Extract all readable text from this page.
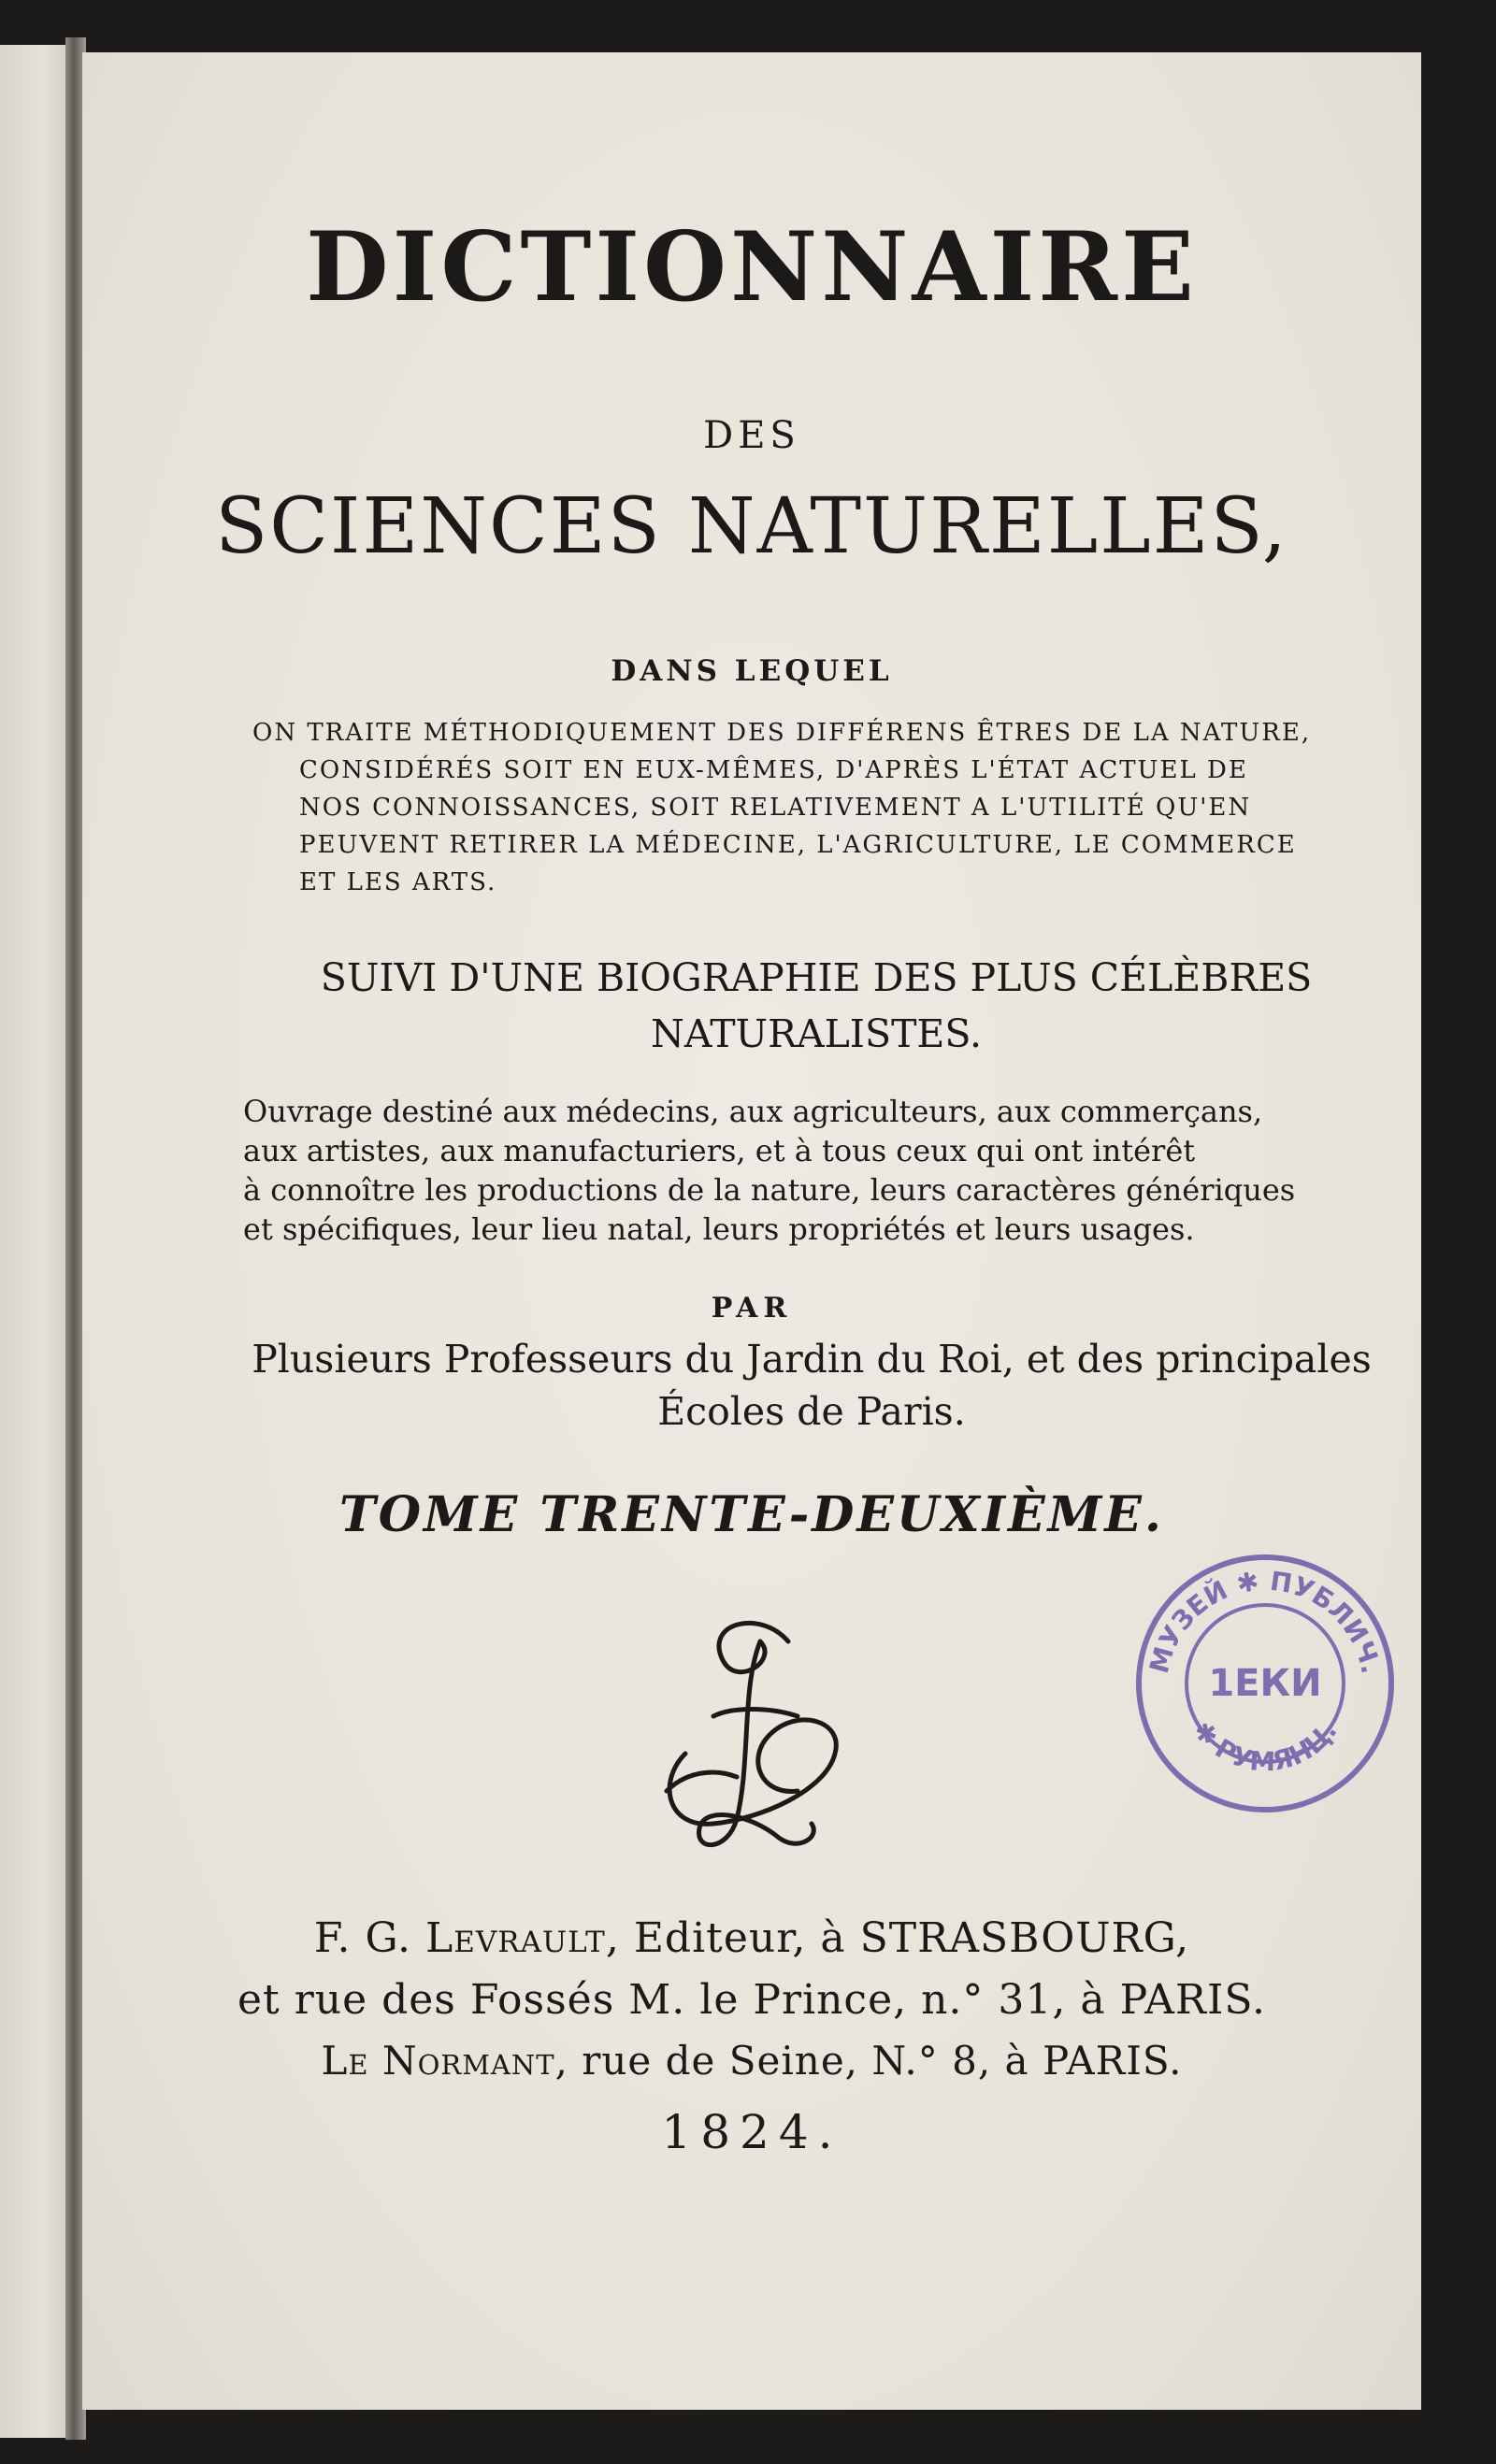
DICTIONNAIRE
DES
SCIENCES NATURELLES,
DANS LEQUEL
ON TRAITE MÉTHODIQUEMENT DES DIFFÉRENS ÊTRES DE LA NATURE,
CONSIDÉRÉS SOIT EN EUX-MÊMES, D'APRÈS L'ÉTAT ACTUEL DE
NOS CONNOISSANCES, SOIT RELATIVEMENT A L'UTILITÉ QU'EN
PEUVENT RETIRER LA MÉDECINE, L'AGRICULTURE, LE COMMERCE
ET LES ARTS.
SUIVI D'UNE BIOGRAPHIE DES PLUS CÉLÈBRES
NATURALISTES.
Ouvrage destiné aux médecins, aux agriculteurs, aux commerçans,
aux artistes, aux manufacturiers, et à tous ceux qui ont intérêt
à connoître les productions de la nature, leurs caractères génériques
et spécifiques, leur lieu natal, leurs propriétés et leurs usages.
PAR
Plusieurs Professeurs du Jardin du Roi, et des principales
Écoles de Paris.
TOME TRENTE-DEUXIÈME.
МУЗЕЙ ✱ ПУБЛИЧ.
✱ РУМЯНЦ.
1ЕКИ
F. G. Levrault, Editeur, à STRASBOURG,
et rue des Fossés M. le Prince, n.° 31, à PARIS.
Le Normant, rue de Seine, N.° 8, à PARIS.
1824.
